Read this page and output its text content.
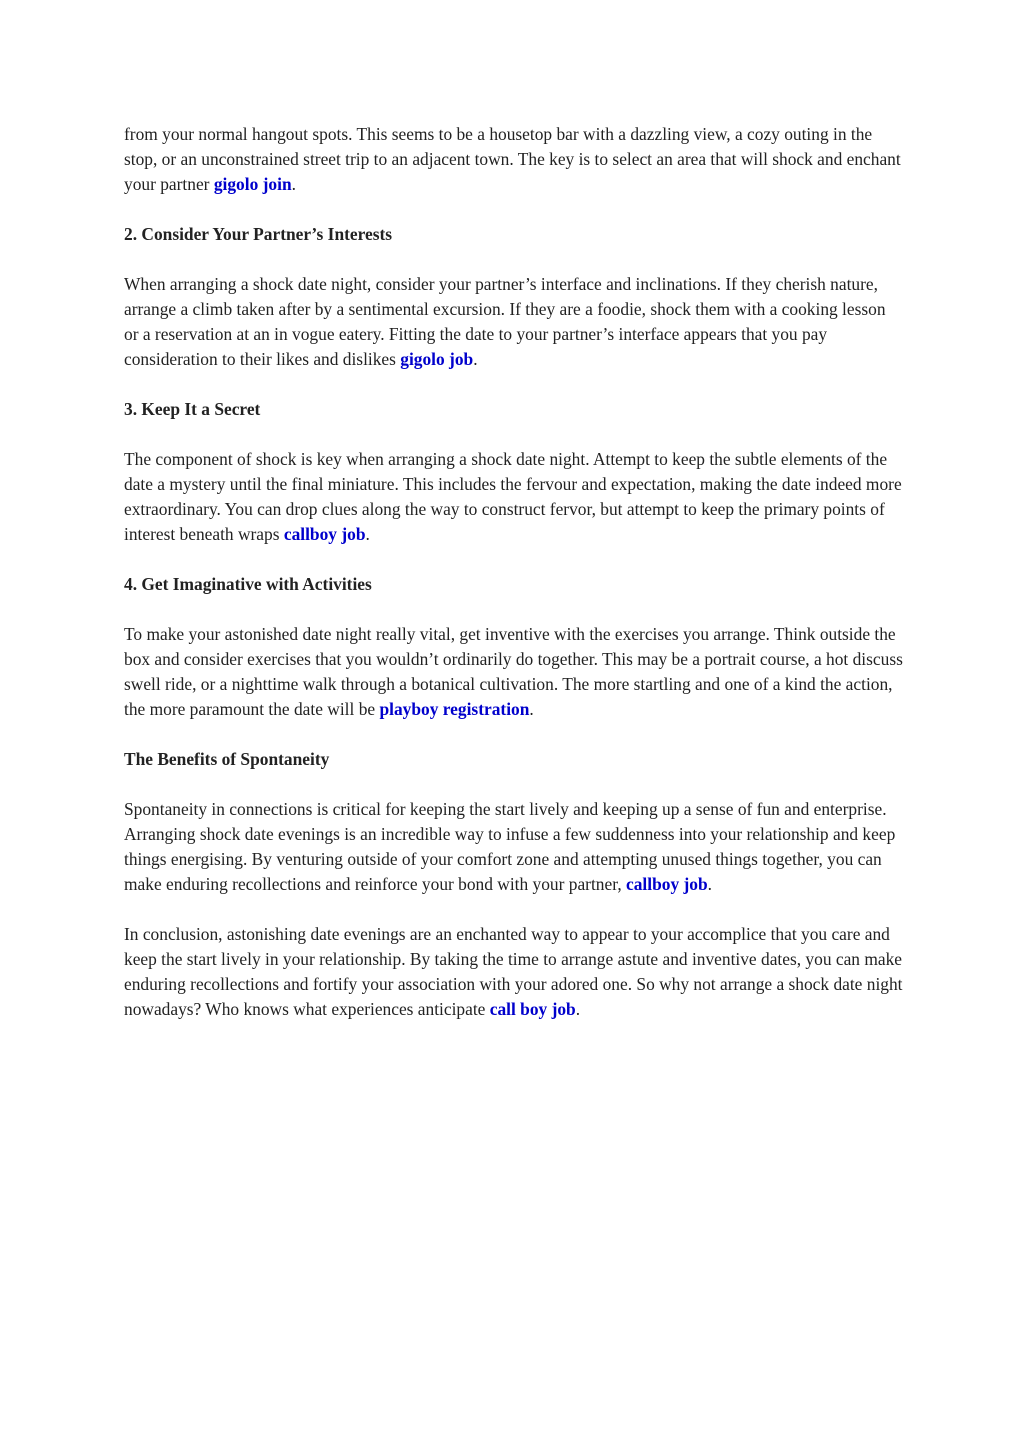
from your normal hangout spots. This seems to be a housetop bar with a dazzling view, a cozy outing in the stop, or an unconstrained street trip to an adjacent town. The key is to select an area that will shock and enchant your partner gigolo join.

2. Consider Your Partner’s Interests

When arranging a shock date night, consider your partner’s interface and inclinations. If they cherish nature, arrange a climb taken after by a sentimental excursion. If they are a foodie, shock them with a cooking lesson or a reservation at an in vogue eatery. Fitting the date to your partner’s interface appears that you pay consideration to their likes and dislikes gigolo job.

3. Keep It a Secret

The component of shock is key when arranging a shock date night. Attempt to keep the subtle elements of the date a mystery until the final miniature. This includes the fervour and expectation, making the date indeed more extraordinary. You can drop clues along the way to construct fervor, but attempt to keep the primary points of interest beneath wraps callboy job.

4. Get Imaginative with Activities

To make your astonished date night really vital, get inventive with the exercises you arrange. Think outside the box and consider exercises that you wouldn’t ordinarily do together. This may be a portrait course, a hot discuss swell ride, or a nighttime walk through a botanical cultivation. The more startling and one of a kind the action, the more paramount the date will be playboy registration.

The Benefits of Spontaneity

Spontaneity in connections is critical for keeping the start lively and keeping up a sense of fun and enterprise. Arranging shock date evenings is an incredible way to infuse a few suddenness into your relationship and keep things energising. By venturing outside of your comfort zone and attempting unused things together, you can make enduring recollections and reinforce your bond with your partner, callboy job.

In conclusion, astonishing date evenings are an enchanted way to appear to your accomplice that you care and keep the start lively in your relationship. By taking the time to arrange astute and inventive dates, you can make enduring recollections and fortify your association with your adored one. So why not arrange a shock date night nowadays? Who knows what experiences anticipate call boy job.
